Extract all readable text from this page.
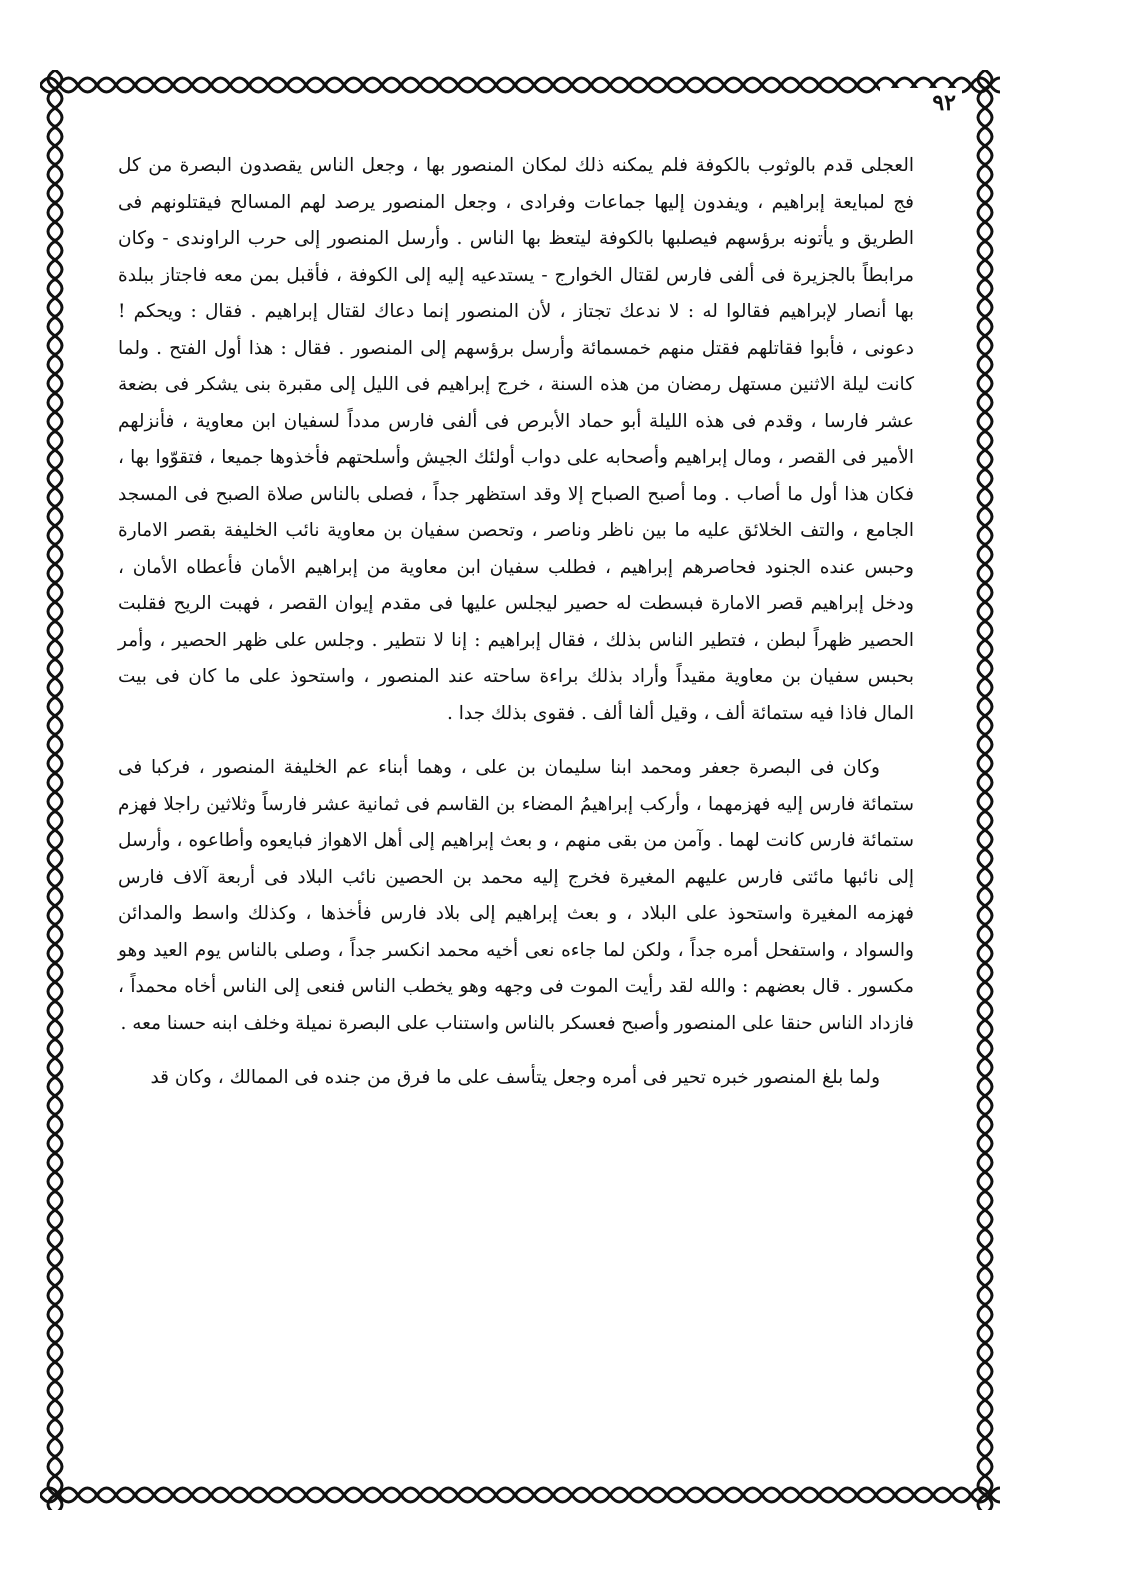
٩٢

العجلى قدم بالوثوب بالكوفة فلم يمكنه ذلك لمكان المنصور بها ، وجعل الناس يقصدون البصرة من كل فج لمبايعة إبراهيم ، ويفدون إليها جماعات وفرادى ، وجعل المنصور يرصد لهم المسالح فيقتلونهم فى الطريق و يأتونه برؤسهم فيصلبها بالكوفة ليتعظ بها الناس . وأرسل المنصور إلى حرب الراوندى - وكان مرابطاً بالجزيرة فى ألفى فارس لقتال الخوارج - يستدعيه إليه إلى الكوفة ، فأقبل بمن معه فاجتاز ببلدة بها أنصار لإبراهيم فقالوا له : لا ندعك تجتاز ، لأن المنصور إنما دعاك لقتال إبراهيم . فقال : ويحكم ! دعونى ، فأبوا فقاتلهم فقتل منهم خمسمائة وأرسل برؤسهم إلى المنصور . فقال : هذا أول الفتح . ولما كانت ليلة الاثنين مستهل رمضان من هذه السنة ، خرج إبراهيم فى الليل إلى مقبرة بنى يشكر فى بضعة عشر فارسا ، وقدم فى هذه الليلة أبو حماد الأبرص فى ألفى فارس مدداً لسفيان ابن معاوية ، فأنزلهم الأمير فى القصر ، ومال إبراهيم وأصحابه على دواب أولئك الجيش وأسلحتهم فأخذوها جميعا ، فتقوّوا بها ، فكان هذا أول ما أصاب . وما أصبح الصباح إلا وقد استظهر جداً ، فصلى بالناس صلاة الصبح فى المسجد الجامع ، والتف الخلائق عليه ما بين ناظر وناصر ، وتحصن سفيان بن معاوية نائب الخليفة بقصر الامارة وحبس عنده الجنود فحاصرهم إبراهيم ، فطلب سفيان ابن معاوية من إبراهيم الأمان فأعطاه الأمان ، ودخل إبراهيم قصر الامارة فبسطت له حصير ليجلس عليها فى مقدم إيوان القصر ، فهبت الريح فقلبت الحصير ظهراً لبطن ، فتطير الناس بذلك ، فقال إبراهيم : إنا لا نتطير . وجلس على ظهر الحصير ، وأمر بحبس سفيان بن معاوية مقيداً وأراد بذلك براءة ساحته عند المنصور ، واستحوذ على ما كان فى بيت المال فاذا فيه ستمائة ألف ، وقيل ألفا ألف . فقوى بذلك جدا .

وكان فى البصرة جعفر ومحمد ابنا سليمان بن على ، وهما أبناء عم الخليفة المنصور ، فركبا فى ستمائة فارس إليه فهزمهما ، وأركب إبراهيمُ المضاء بن القاسم فى ثمانية عشر فارساً وثلاثين راجلا فهزم ستمائة فارس كانت لهما . وآمن من بقى منهم ، و بعث إبراهيم إلى أهل الاهواز فبايعوه وأطاعوه ، وأرسل إلى نائبها مائتى فارس عليهم المغيرة فخرج إليه محمد بن الحصين نائب البلاد فى أربعة آلاف فارس فهزمه المغيرة واستحوذ على البلاد ، و بعث إبراهيم إلى بلاد فارس فأخذها ، وكذلك واسط والمدائن والسواد ، واستفحل أمره جداً ، ولكن لما جاءه نعى أخيه محمد انكسر جداً ، وصلى بالناس يوم العيد وهو مكسور . قال بعضهم : والله لقد رأيت الموت فى وجهه وهو يخطب الناس فنعى إلى الناس أخاه محمداً ، فازداد الناس حنقا على المنصور وأصبح فعسكر بالناس واستناب على البصرة نميلة وخلف ابنه حسنا معه .

ولما بلغ المنصور خبره تحير فى أمره وجعل يتأسف على ما فرق من جنده فى الممالك ، وكان قد
